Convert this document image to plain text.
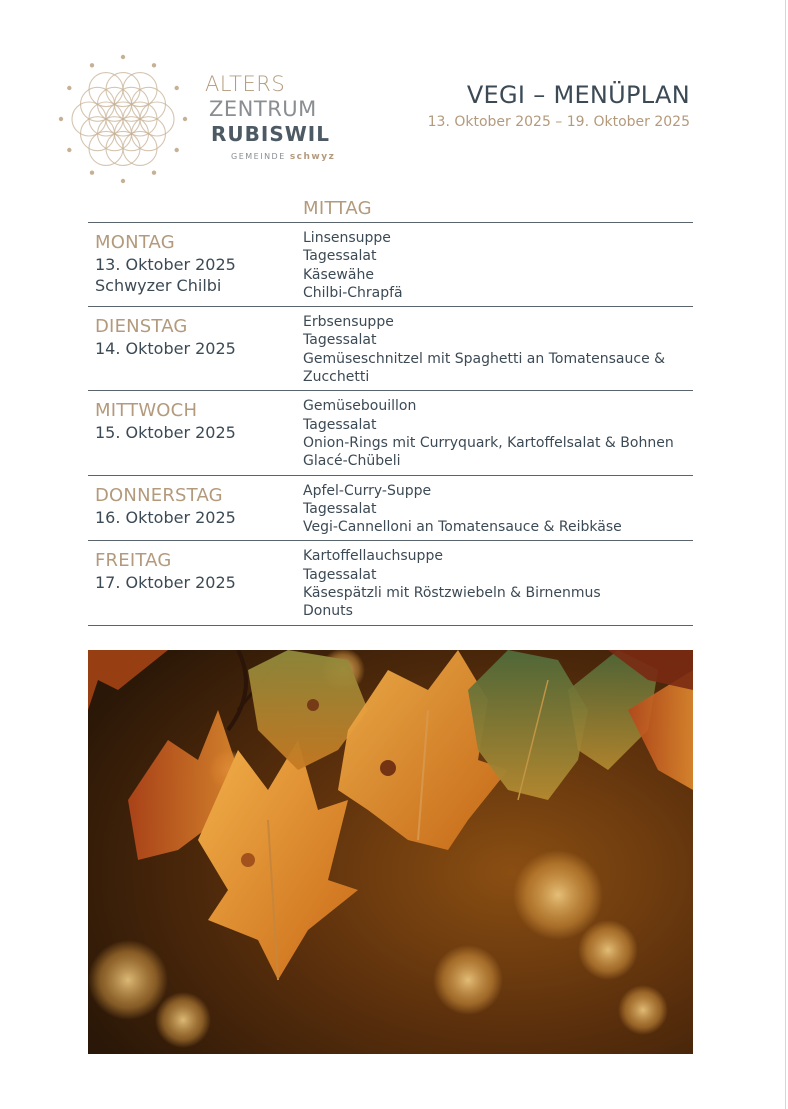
ALTERS
ZENTRUM
RUBISWIL
GEMEINDE schwyz
VEGI – MENÜPLAN
13. Oktober 2025 – 19. Oktober 2025
MITTAG
MONTAG
13. Oktober 2025
Schwyzer Chilbi
Linsensuppe
Tagessalat
Käsewähe
Chilbi-Chrapfä
DIENSTAG
14. Oktober 2025
Erbsensuppe
Tagessalat
Gemüseschnitzel mit Spaghetti an Tomatensauce &
Zucchetti
MITTWOCH
15. Oktober 2025
Gemüsebouillon
Tagessalat
Onion-Rings mit Curryquark, Kartoffelsalat & Bohnen
Glacé-Chübeli
DONNERSTAG
16. Oktober 2025
Apfel-Curry-Suppe
Tagessalat
Vegi-Cannelloni an Tomatensauce & Reibkäse
FREITAG
17. Oktober 2025
Kartoffellauchsuppe
Tagessalat
Käsespätzli mit Röstzwiebeln & Birnenmus
Donuts
